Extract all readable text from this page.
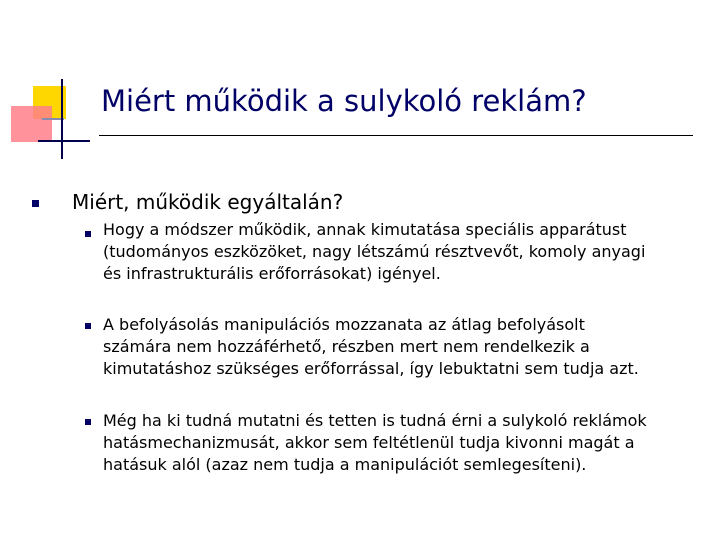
Miért működik a sulykoló reklám?
Miért, működik egyáltalán?
Hogy a módszer működik, annak kimutatása speciális apparátust
(tudományos eszközöket, nagy létszámú résztvevőt, komoly anyagi
és infrastrukturális erőforrásokat) igényel.
A befolyásolás manipulációs mozzanata az átlag befolyásolt
számára nem hozzáférhető, részben mert nem rendelkezik a
kimutatáshoz szükséges erőforrással, így lebuktatni sem tudja azt.
Még ha ki tudná mutatni és tetten is tudná érni a sulykoló reklámok
hatásmechanizmusát, akkor sem feltétlenül tudja kivonni magát a
hatásuk alól (azaz nem tudja a manipulációt semlegesíteni).
